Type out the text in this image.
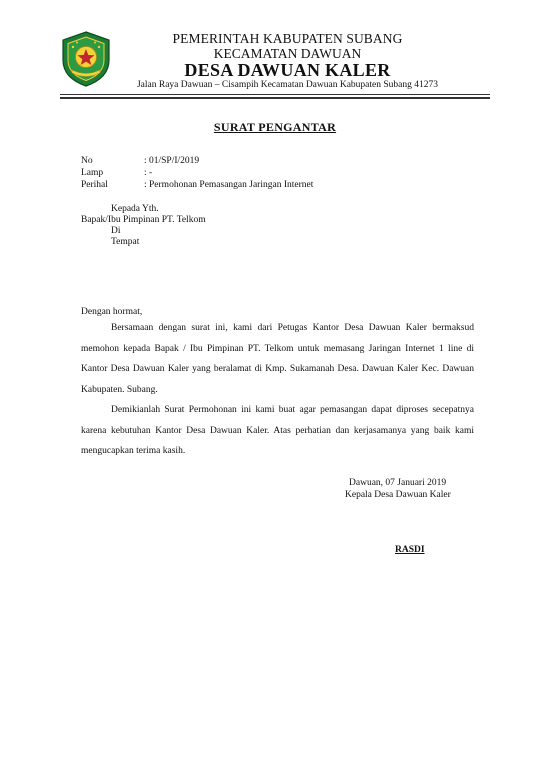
PEMERINTAH KABUPATEN SUBANG
KECAMATAN DAWUAN
DESA DAWUAN KALER
Jalan Raya Dawuan – Cisampih Kecamatan Dawuan Kabupaten Subang 41273
SURAT PENGANTAR
No	: 01/SP/I/2019
Lamp	: -
Perihal	: Permohonan Pemasangan Jaringan Internet
Kepada Yth.
Bapak/Ibu Pimpinan PT. Telkom
Di
Tempat
Dengan hormat,

Bersamaan dengan surat ini, kami dari Petugas Kantor Desa Dawuan Kaler bermaksud memohon kepada Bapak / Ibu Pimpinan PT. Telkom untuk memasang Jaringan Internet 1 line di Kantor Desa Dawuan Kaler yang beralamat di Kmp. Sukamanah Desa. Dawuan Kaler Kec. Dawuan Kabupaten. Subang.

Demikianlah Surat Permohonan ini kami buat agar pemasangan dapat diproses secepatnya karena kebutuhan Kantor Desa Dawuan Kaler. Atas perhatian dan kerjasamanya yang baik kami mengucapkan terima kasih.

Dawuan, 07 Januari 2019
Kepala Desa Dawuan Kaler
RASDI
